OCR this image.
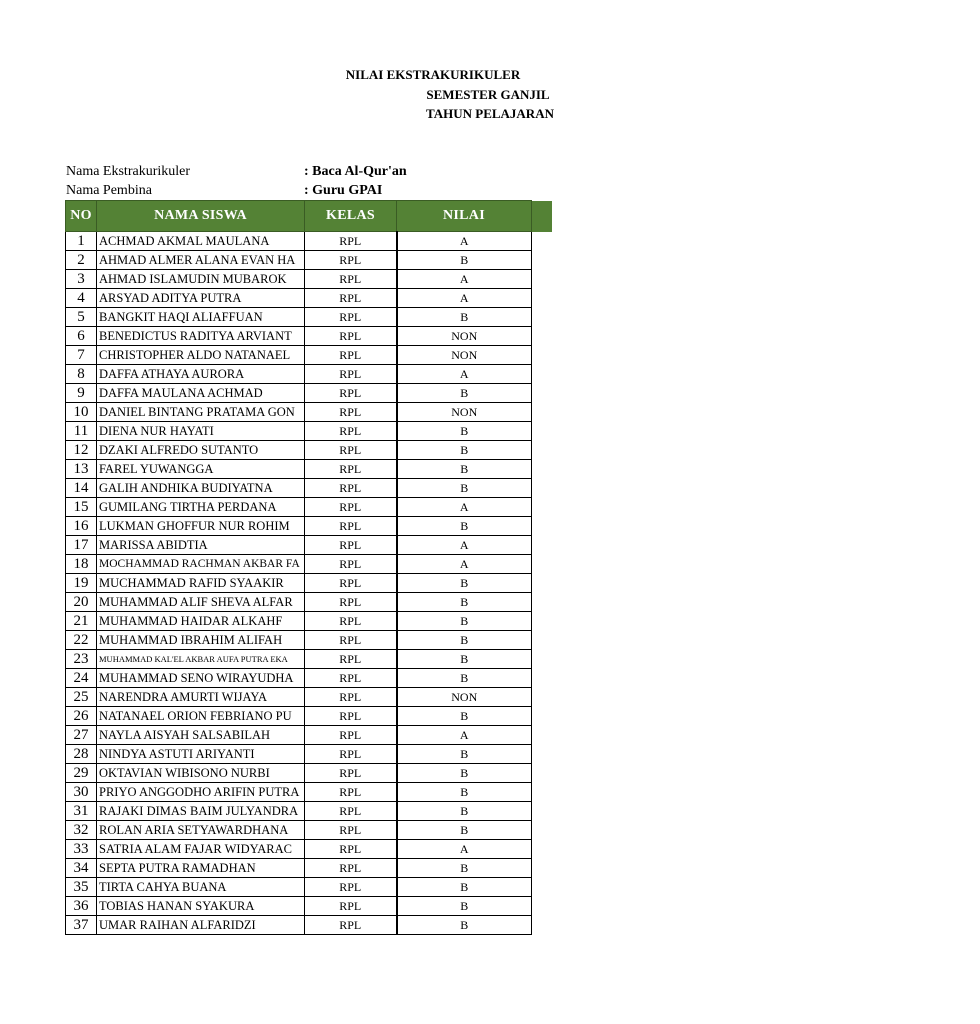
NILAI EKSTRAKURIKULER
SEMESTER GANJIL
TAHUN PELAJARAN
Nama Ekstrakurikuler	: Baca Al-Qur'an
Nama Pembina	: Guru GPAI
NO	NAMA SISWA	KELAS	NILAI	
1	ACHMAD AKMAL MAULANA	RPL	A	
2	AHMAD ALMER ALANA EVAN HA	RPL	B	
3	AHMAD ISLAMUDIN MUBAROK	RPL	A	
4	ARSYAD ADITYA PUTRA	RPL	A	
5	BANGKIT HAQI ALIAFFUAN	RPL	B	
6	BENEDICTUS RADITYA ARVIANT	RPL	NON	
7	CHRISTOPHER ALDO NATANAEL	RPL	NON	
8	DAFFA ATHAYA AURORA	RPL	A	
9	DAFFA MAULANA ACHMAD	RPL	B	
10	DANIEL BINTANG PRATAMA GON	RPL	NON	
11	DIENA NUR HAYATI	RPL	B	
12	DZAKI ALFREDO SUTANTO	RPL	B	
13	FAREL YUWANGGA	RPL	B	
14	GALIH ANDHIKA BUDIYATNA	RPL	B	
15	GUMILANG TIRTHA PERDANA	RPL	A	
16	LUKMAN GHOFFUR NUR ROHIM	RPL	B	
17	MARISSA ABIDTIA	RPL	A	
18	MOCHAMMAD RACHMAN AKBAR FA	RPL	A	
19	MUCHAMMAD RAFID SYAAKIR	RPL	B	
20	MUHAMMAD ALIF SHEVA ALFAR	RPL	B	
21	MUHAMMAD HAIDAR ALKAHF	RPL	B	
22	MUHAMMAD IBRAHIM ALIFAH	RPL	B	
23	MUHAMMAD KAL'EL AKBAR AUFA PUTRA EKA	RPL	B	
24	MUHAMMAD SENO WIRAYUDHA	RPL	B	
25	NARENDRA AMURTI WIJAYA	RPL	NON	
26	NATANAEL ORION FEBRIANO PU	RPL	B	
27	NAYLA AISYAH SALSABILAH	RPL	A	
28	NINDYA ASTUTI ARIYANTI	RPL	B	
29	OKTAVIAN WIBISONO NURBI	RPL	B	
30	PRIYO ANGGODHO ARIFIN PUTRA	RPL	B	
31	RAJAKI DIMAS BAIM JULYANDRA	RPL	B	
32	ROLAN ARIA SETYAWARDHANA	RPL	B	
33	SATRIA ALAM FAJAR WIDYARAC	RPL	A	
34	SEPTA PUTRA RAMADHAN	RPL	B	
35	TIRTA CAHYA BUANA	RPL	B	
36	TOBIAS HANAN SYAKURA	RPL	B	
37	UMAR RAIHAN ALFARIDZI	RPL	B	
